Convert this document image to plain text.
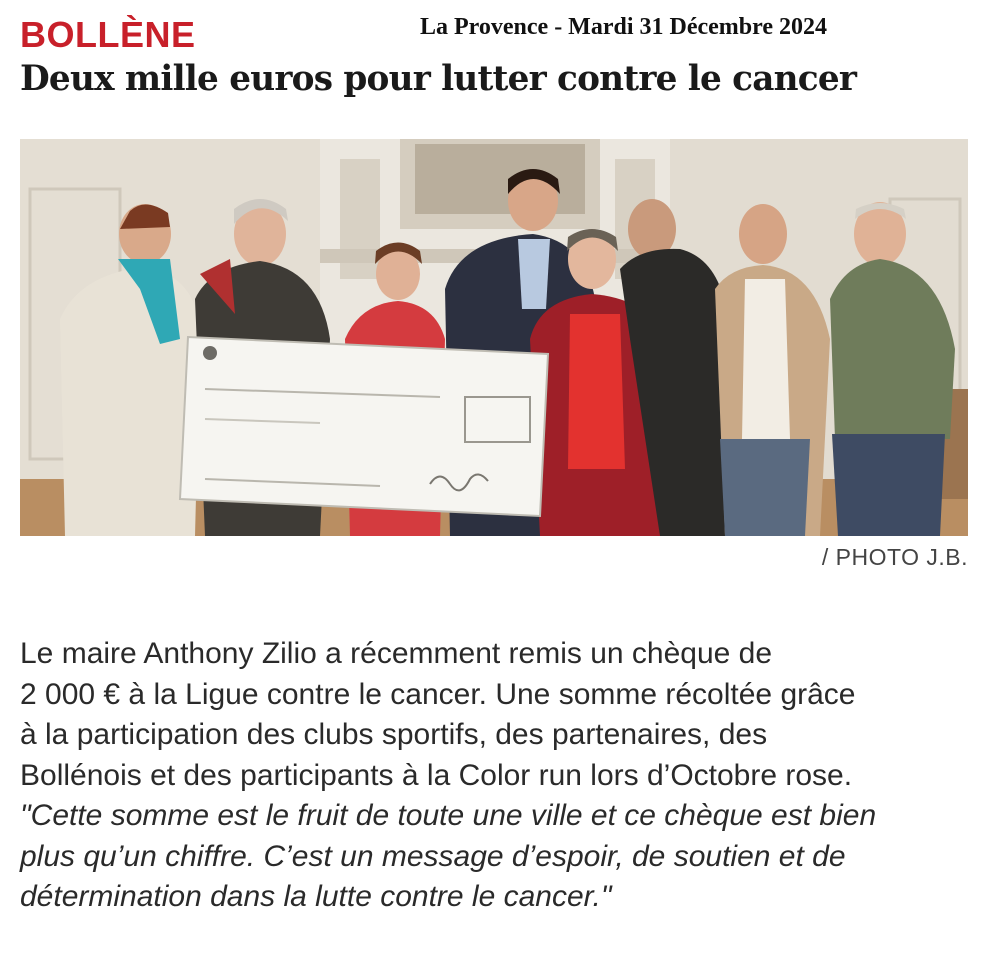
BOLLÈNE	La Provence - Mardi 31 Décembre 2024
Deux mille euros pour lutter contre le cancer
/ PHOTO J.B.
Le maire Anthony Zilio a récemment remis un chèque de
2 000 € à la Ligue contre le cancer. Une somme récoltée grâce
à la participation des clubs sportifs, des partenaires, des
Bollénois et des participants à la Color run lors d’Octobre rose.
"Cette somme est le fruit de toute une ville et ce chèque est bien
plus qu’un chiffre. C’est un message d’espoir, de soutien et de
détermination dans la lutte contre le cancer."
